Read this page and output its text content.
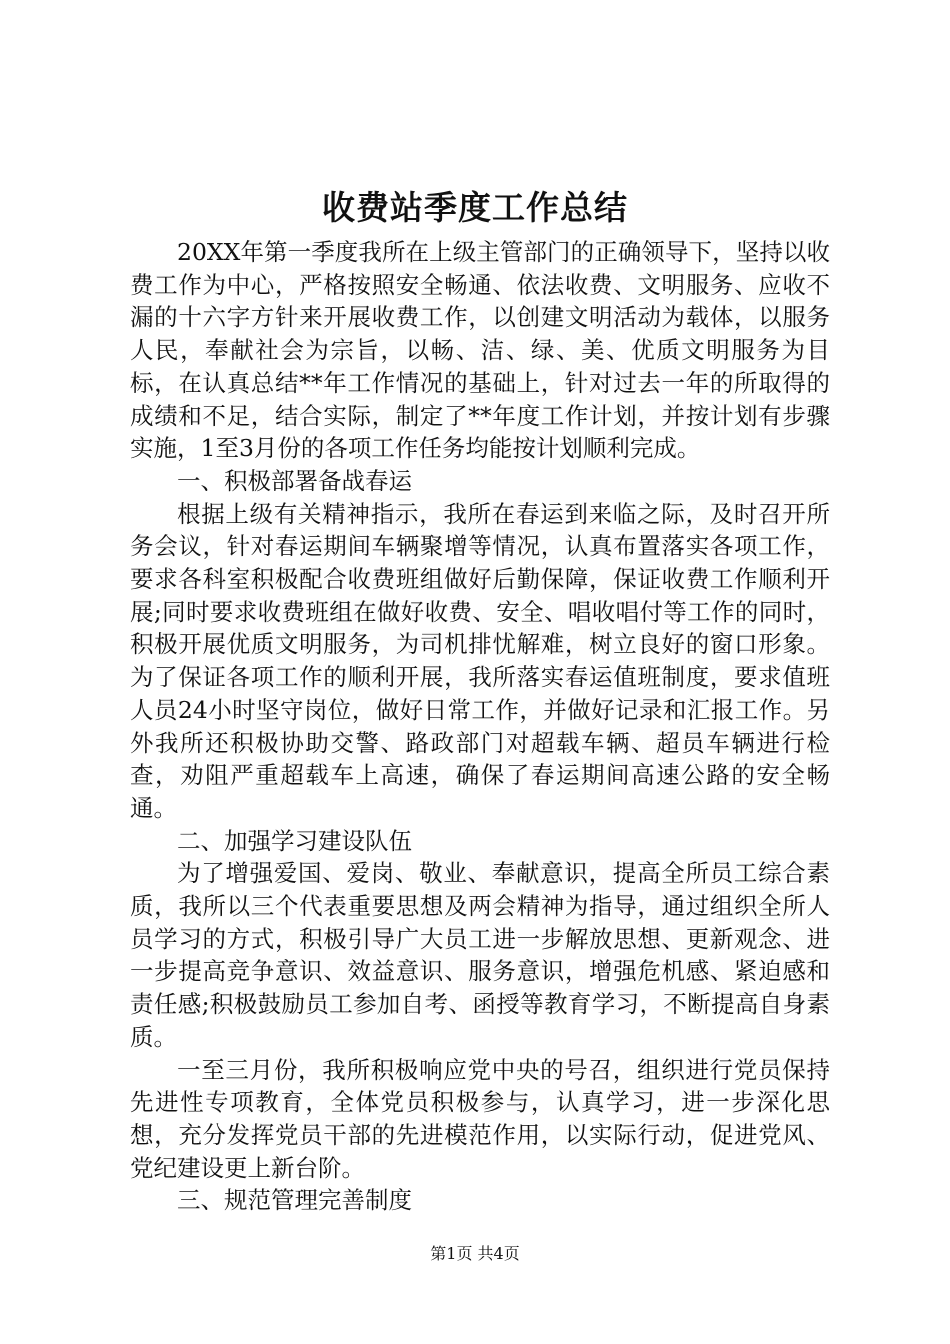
收费站季度工作总结

20XX年第一季度我所在上级主管部门的正确领导下，坚持以收费工作为中心，严格按照安全畅通、依法收费、文明服务、应收不漏的十六字方针来开展收费工作，以创建文明活动为载体，以服务人民，奉献社会为宗旨，以畅、洁、绿、美、优质文明服务为目标，在认真总结**年工作情况的基础上，针对过去一年的所取得的成绩和不足，结合实际，制定了**年度工作计划，并按计划有步骤实施，1至3月份的各项工作任务均能按计划顺利完成。

一、积极部署备战春运

根据上级有关精神指示，我所在春运到来临之际，及时召开所务会议，针对春运期间车辆聚增等情况，认真布置落实各项工作，要求各科室积极配合收费班组做好后勤保障，保证收费工作顺利开展;同时要求收费班组在做好收费、安全、唱收唱付等工作的同时，积极开展优质文明服务，为司机排忧解难，树立良好的窗口形象。为了保证各项工作的顺利开展，我所落实春运值班制度，要求值班人员24小时坚守岗位，做好日常工作，并做好记录和汇报工作。另外我所还积极协助交警、路政部门对超载车辆、超员车辆进行检查，劝阻严重超载车上高速，确保了春运期间高速公路的安全畅通。

二、加强学习建设队伍

为了增强爱国、爱岗、敬业、奉献意识，提高全所员工综合素质，我所以三个代表重要思想及两会精神为指导，通过组织全所人员学习的方式，积极引导广大员工进一步解放思想、更新观念、进一步提高竞争意识、效益意识、服务意识，增强危机感、紧迫感和责任感;积极鼓励员工参加自考、函授等教育学习，不断提高自身素质。

一至三月份，我所积极响应党中央的号召，组织进行党员保持先进性专项教育，全体党员积极参与，认真学习，进一步深化思想，充分发挥党员干部的先进模范作用，以实际行动，促进党风、党纪建设更上新台阶。

三、规范管理完善制度

第1页 共4页
